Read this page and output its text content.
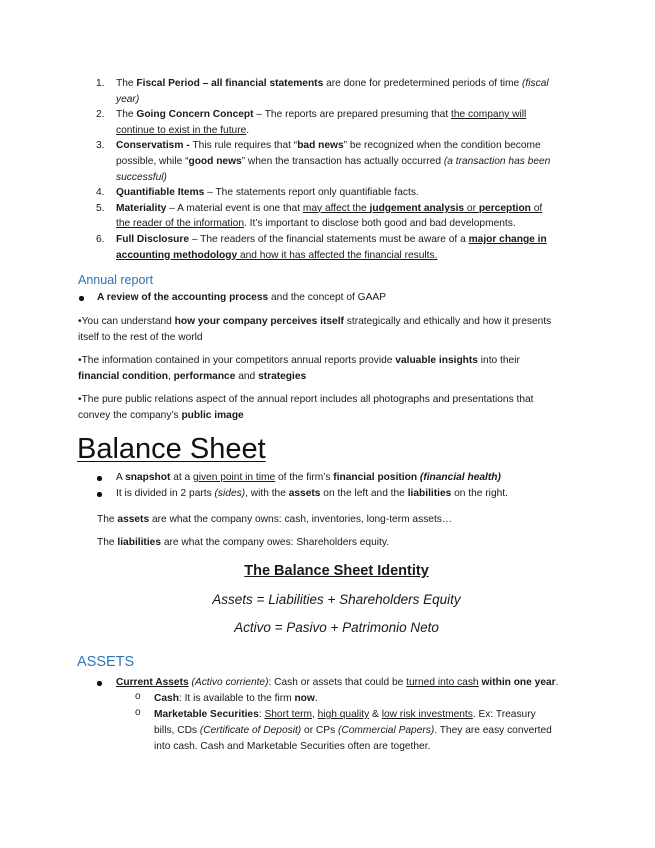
1. The Fiscal Period – all financial statements are done for predetermined periods of time (fiscal
year)
2. The Going Concern Concept – The reports are prepared presuming that the company will
continue to exist in the future.
3. Conservatism - This rule requires that “bad news” be recognized when the condition become
possible, while “good news” when the transaction has actually occurred (a transaction has been
successful)
4. Quantifiable Items – The statements report only quantifiable facts.
5. Materiality – A material event is one that may affect the judgement analysis or perception of
the reader of the information. It’s important to disclose both good and bad developments.
6. Full Disclosure – The readers of the financial statements must be aware of a major change in
accounting methodology and how it has affected the financial results.
Annual report
A review of the accounting process and the concept of GAAP
•You can understand how your company perceives itself strategically and ethically and how it presents
itself to the rest of the world
•The information contained in your competitors annual reports provide valuable insights into their
financial condition, performance and strategies
•The pure public relations aspect of the annual report includes all photographs and presentations that
convey the company’s public image
Balance Sheet
A snapshot at a given point in time of the firm’s financial position (financial health)
It is divided in 2 parts (sides), with the assets on the left and the liabilities on the right.
The assets are what the company owns: cash, inventories, long-term assets…
The liabilities are what the company owes: Shareholders equity.
The Balance Sheet Identity
Assets = Liabilities + Shareholders Equity
Activo = Pasivo + Patrimonio Neto
ASSETS
Current Assets (Activo corriente): Cash or assets that could be turned into cash within one year.
o Cash: It is available to the firm now.
o Marketable Securities: Short term, high quality & low risk investments. Ex: Treasury
bills, CDs (Certificate of Deposit) or CPs (Commercial Papers). They are easy converted
into cash. Cash and Marketable Securities often are together.
